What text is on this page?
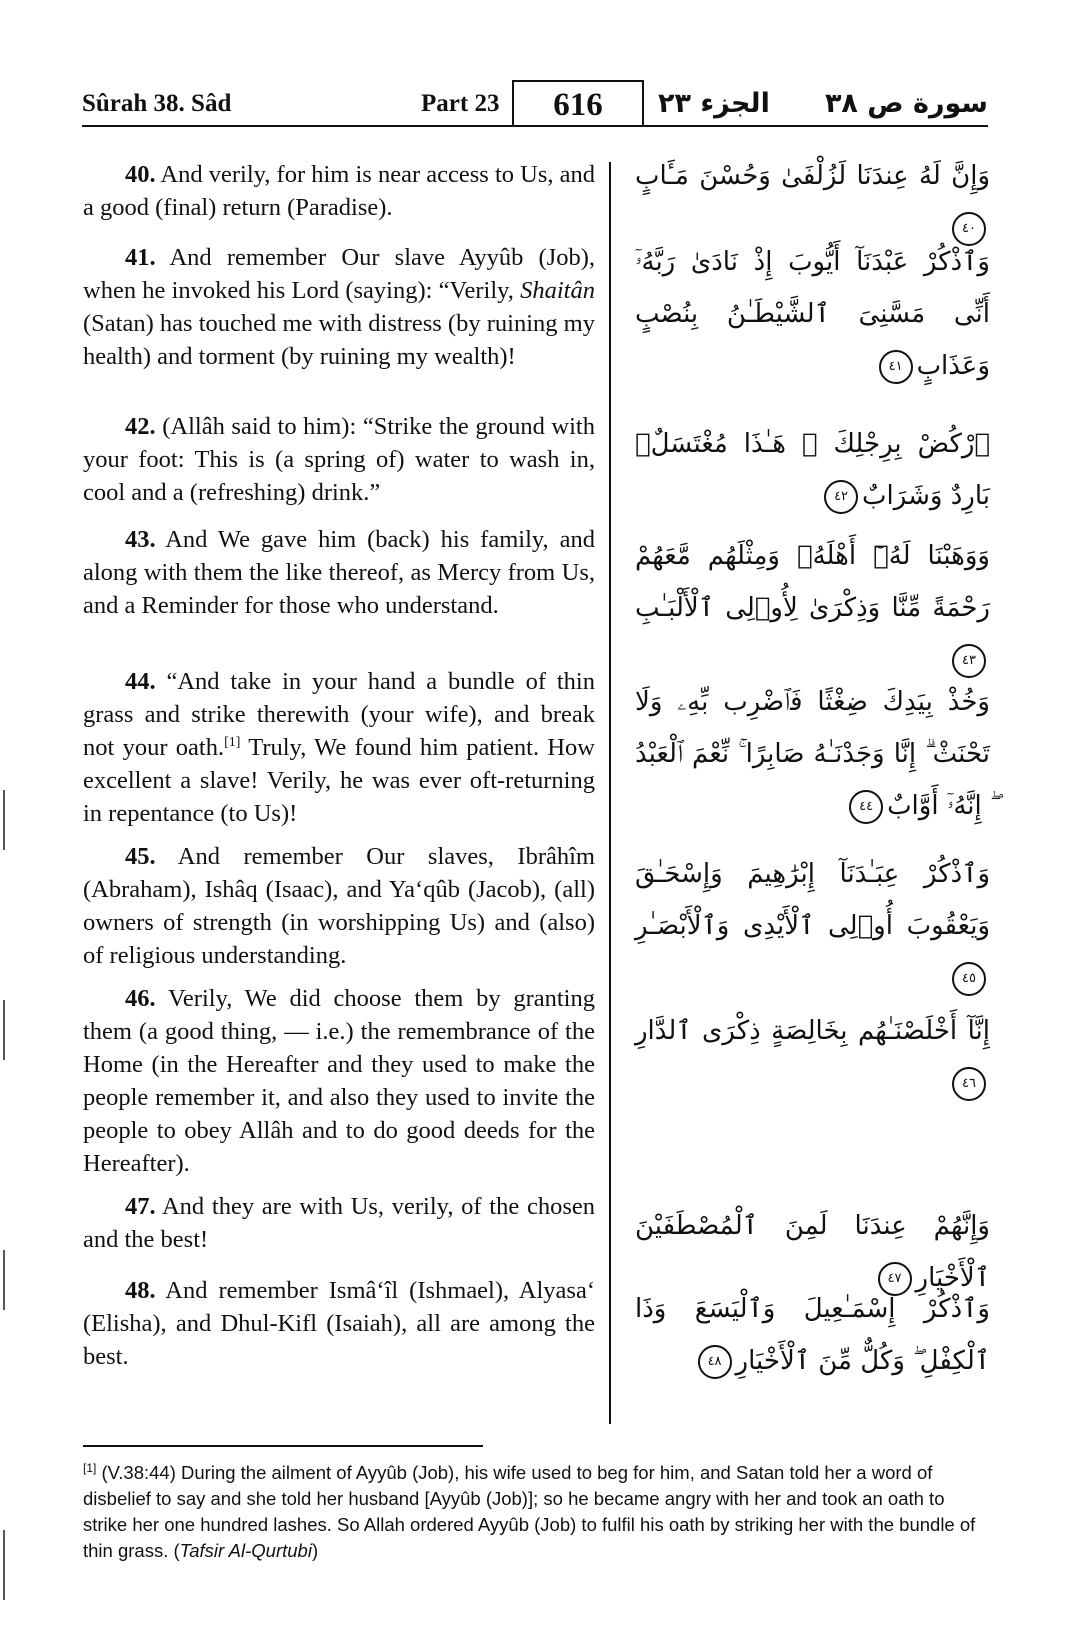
Sûrah 38. Sâd	Part 23	616	الجزء ٢٣ سورة ص ٣٨
40. And verily, for him is near access to Us, and a good (final) return (Paradise).
41. And remember Our slave Ayyûb (Job), when he invoked his Lord (saying): “Verily, Shaitân (Satan) has touched me with distress (by ruining my health) and torment (by ruining my wealth)!
42. (Allâh said to him): “Strike the ground with your foot: This is (a spring of) water to wash in, cool and a (refreshing) drink.”
43. And We gave him (back) his family, and along with them the like thereof, as Mercy from Us, and a Reminder for those who understand.
44. “And take in your hand a bundle of thin grass and strike therewith (your wife), and break not your oath.[1] Truly, We found him patient. How excellent a slave! Verily, he was ever oft-returning in repentance (to Us)!
45. And remember Our slaves, Ibrâhîm (Abraham), Ishâq (Isaac), and Ya‘qûb (Jacob), (all) owners of strength (in worshipping Us) and (also) of religious understanding.
46. Verily, We did choose them by granting them (a good thing, — i.e.) the remembrance of the Home (in the Hereafter and they used to make the people remember it, and also they used to invite the people to obey Allâh and to do good deeds for the Hereafter).
47. And they are with Us, verily, of the chosen and the best!
48. And remember Ismâ‘îl (Ishmael), Alyasa‘ (Elisha), and Dhul-Kifl (Isaiah), all are among the best.
وَإِنَّ لَهُ عِندَنَا لَزُلْفَىٰ وَحُسْنَ مَـَٔابٍ٤٠
وَٱذْكُرْ عَبْدَنَآ أَيُّوبَ إِذْ نَادَىٰ رَبَّهُۥٓ أَنِّى مَسَّنِىَ ٱلشَّيْطَـٰنُ بِنُصْبٍ وَعَذَابٍ٤١
ٱرْكُضْ بِرِجْلِكَ ۖ هَـٰذَا مُغْتَسَلٌۢ بَارِدٌ وَشَرَابٌ٤٢
وَوَهَبْنَا لَهُۥٓ أَهْلَهُۥ وَمِثْلَهُم مَّعَهُمْ رَحْمَةً مِّنَّا وَذِكْرَىٰ لِأُو۟لِى ٱلْأَلْبَـٰبِ٤٣
وَخُذْ بِيَدِكَ ضِغْثًا فَٱضْرِب بِّهِۦ وَلَا تَحْنَثْ ۗ إِنَّا وَجَدْنَـٰهُ صَابِرًا ۚ نِّعْمَ ٱلْعَبْدُ ۖ إِنَّهُۥٓ أَوَّابٌ٤٤
وَٱذْكُرْ عِبَـٰدَنَآ إِبْرَٰهِيمَ وَإِسْحَـٰقَ وَيَعْقُوبَ أُو۟لِى ٱلْأَيْدِى وَٱلْأَبْصَـٰرِ٤٥
إِنَّآ أَخْلَصْنَـٰهُم بِخَالِصَةٍ ذِكْرَى ٱلدَّارِ٤٦
وَإِنَّهُمْ عِندَنَا لَمِنَ ٱلْمُصْطَفَيْنَ ٱلْأَخْيَارِ٤٧
وَٱذْكُرْ إِسْمَـٰعِيلَ وَٱلْيَسَعَ وَذَا ٱلْكِفْلِ ۖ وَكُلٌّ مِّنَ ٱلْأَخْيَارِ٤٨
[1] (V.38:44) During the ailment of Ayyûb (Job), his wife used to beg for him, and Satan told her a word of disbelief to say and she told her husband [Ayyûb (Job)]; so he became angry with her and took an oath to strike her one hundred lashes. So Allah ordered Ayyûb (Job) to fulfil his oath by striking her with the bundle of thin grass. (Tafsir Al-Qurtubi)
